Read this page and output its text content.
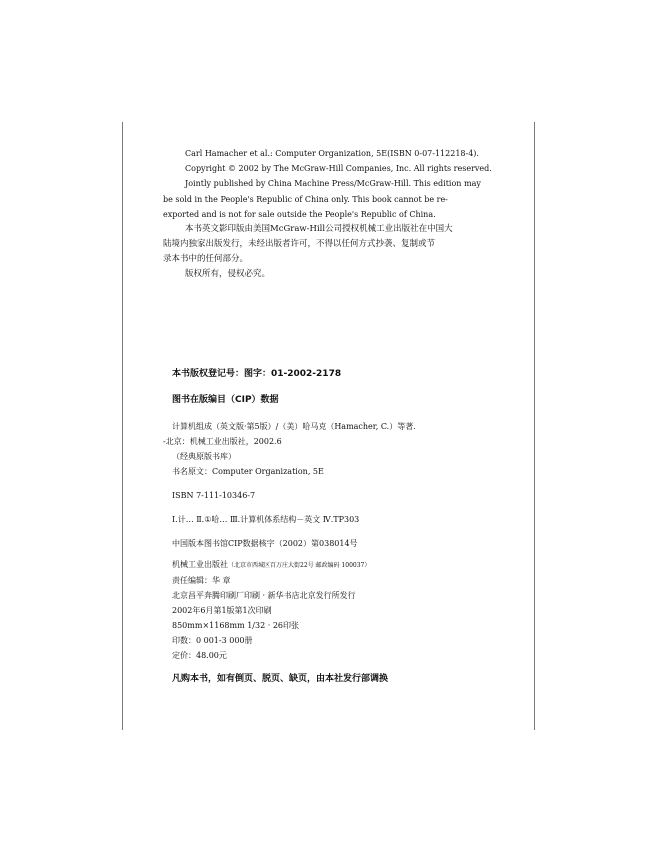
Carl Hamacher et al.: Computer Organization, 5E(ISBN 0-07-112218-4).

Copyright © 2002 by The McGraw-Hill Companies, Inc. All rights reserved.

Jointly published by China Machine Press/McGraw-Hill. This edition may

be sold in the People's Republic of China only. This book cannot be re-

exported and is not for sale outside the People's Republic of China.

本书英文影印版由美国McGraw-Hill公司授权机械工业出版社在中国大

陆境内独家出版发行，未经出版者许可，不得以任何方式抄袭、复制或节

录本书中的任何部分。

版权所有，侵权必究。

本书版权登记号：图字：01-2002-2178

图书在版编目（CIP）数据

计算机组成（英文版·第5版）/（美）哈马克（Hamacher, C.）等著.

-北京：机械工业出版社，2002.6

（经典原版书库）

书名原文：Computer Organization, 5E

ISBN 7-111-10346-7

Ⅰ.计… Ⅱ.①哈… Ⅲ.计算机体系结构－英文 Ⅳ.TP303

中国版本图书馆CIP数据核字（2002）第038014号

机械工业出版社（北京市西城区百万庄大街22号 邮政编码 100037）

责任编辑：华 章

北京昌平奔腾印刷厂印刷 · 新华书店北京发行所发行

2002年6月第1版第1次印刷

850mm×1168mm 1/32 · 26印张

印数：0 001-3 000册

定价：48.00元

凡购本书，如有倒页、脱页、缺页，由本社发行部调换
